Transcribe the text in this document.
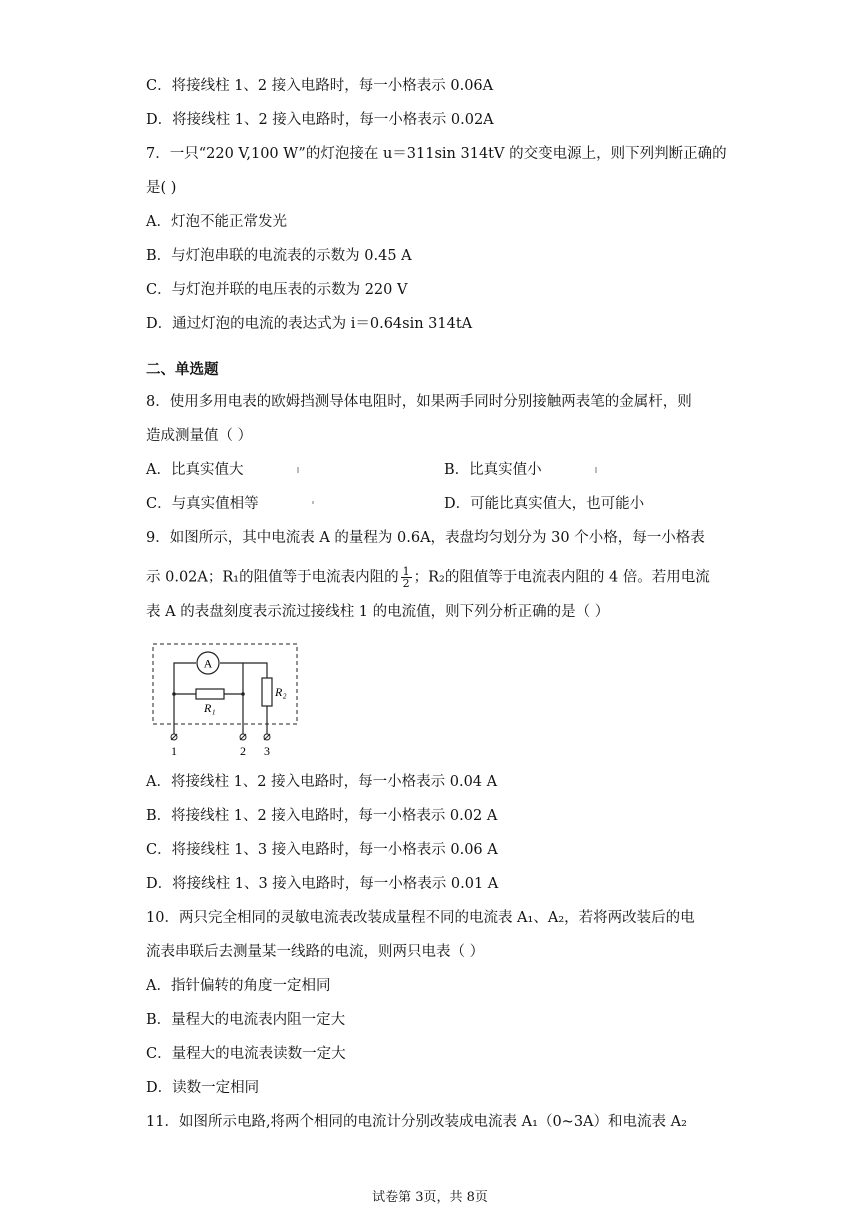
C．将接线柱 1、2 接入电路时，每一小格表示 0.06A
D．将接线柱 1、2 接入电路时，每一小格表示 0.02A
7．一只“220 V,100 W”的灯泡接在 u＝311sin 314tV 的交变电源上，则下列判断正确的
是( )
A．灯泡不能正常发光
B．与灯泡串联的电流表的示数为 0.45 A
C．与灯泡并联的电压表的示数为 220 V
D．通过灯泡的电流的表达式为 i＝0.64sin 314tA
二、单选题
8．使用多用电表的欧姆挡测导体电阻时，如果两手同时分别接触两表笔的金属杆，则
造成测量值（ ）
A．比真实值大	B．比真实值小
C．与真实值相等	D．可能比真实值大，也可能小
9．如图所示，其中电流表 A 的量程为 0.6A，表盘均匀划分为 30 个小格，每一小格表
示 0.02A；R₁的阻值等于电流表内阻的 $\frac{1}{2}$ ；R₂的阻值等于电流表内阻的 4 倍。若用电流
表 A 的表盘刻度表示流过接线柱 1 的电流值，则下列分析正确的是（ ）
A
R₁
R₂
1	2 3
A．将接线柱 1、2 接入电路时，每一小格表示 0.04 A
B．将接线柱 1、2 接入电路时，每一小格表示 0.02 A
C．将接线柱 1、3 接入电路时，每一小格表示 0.06 A
D．将接线柱 1、3 接入电路时，每一小格表示 0.01 A
10．两只完全相同的灵敏电流表改装成量程不同的电流表 A₁、A₂，若将两改装后的电
流表串联后去测量某一线路的电流，则两只电表（ ）
A．指针偏转的角度一定相同
B．量程大的电流表内阻一定大
C．量程大的电流表读数一定大
D．读数一定相同
11．如图所示电路,将两个相同的电流计分别改装成电流表 A₁（0~3A）和电流表 A₂
试卷第 3页，共 8页
